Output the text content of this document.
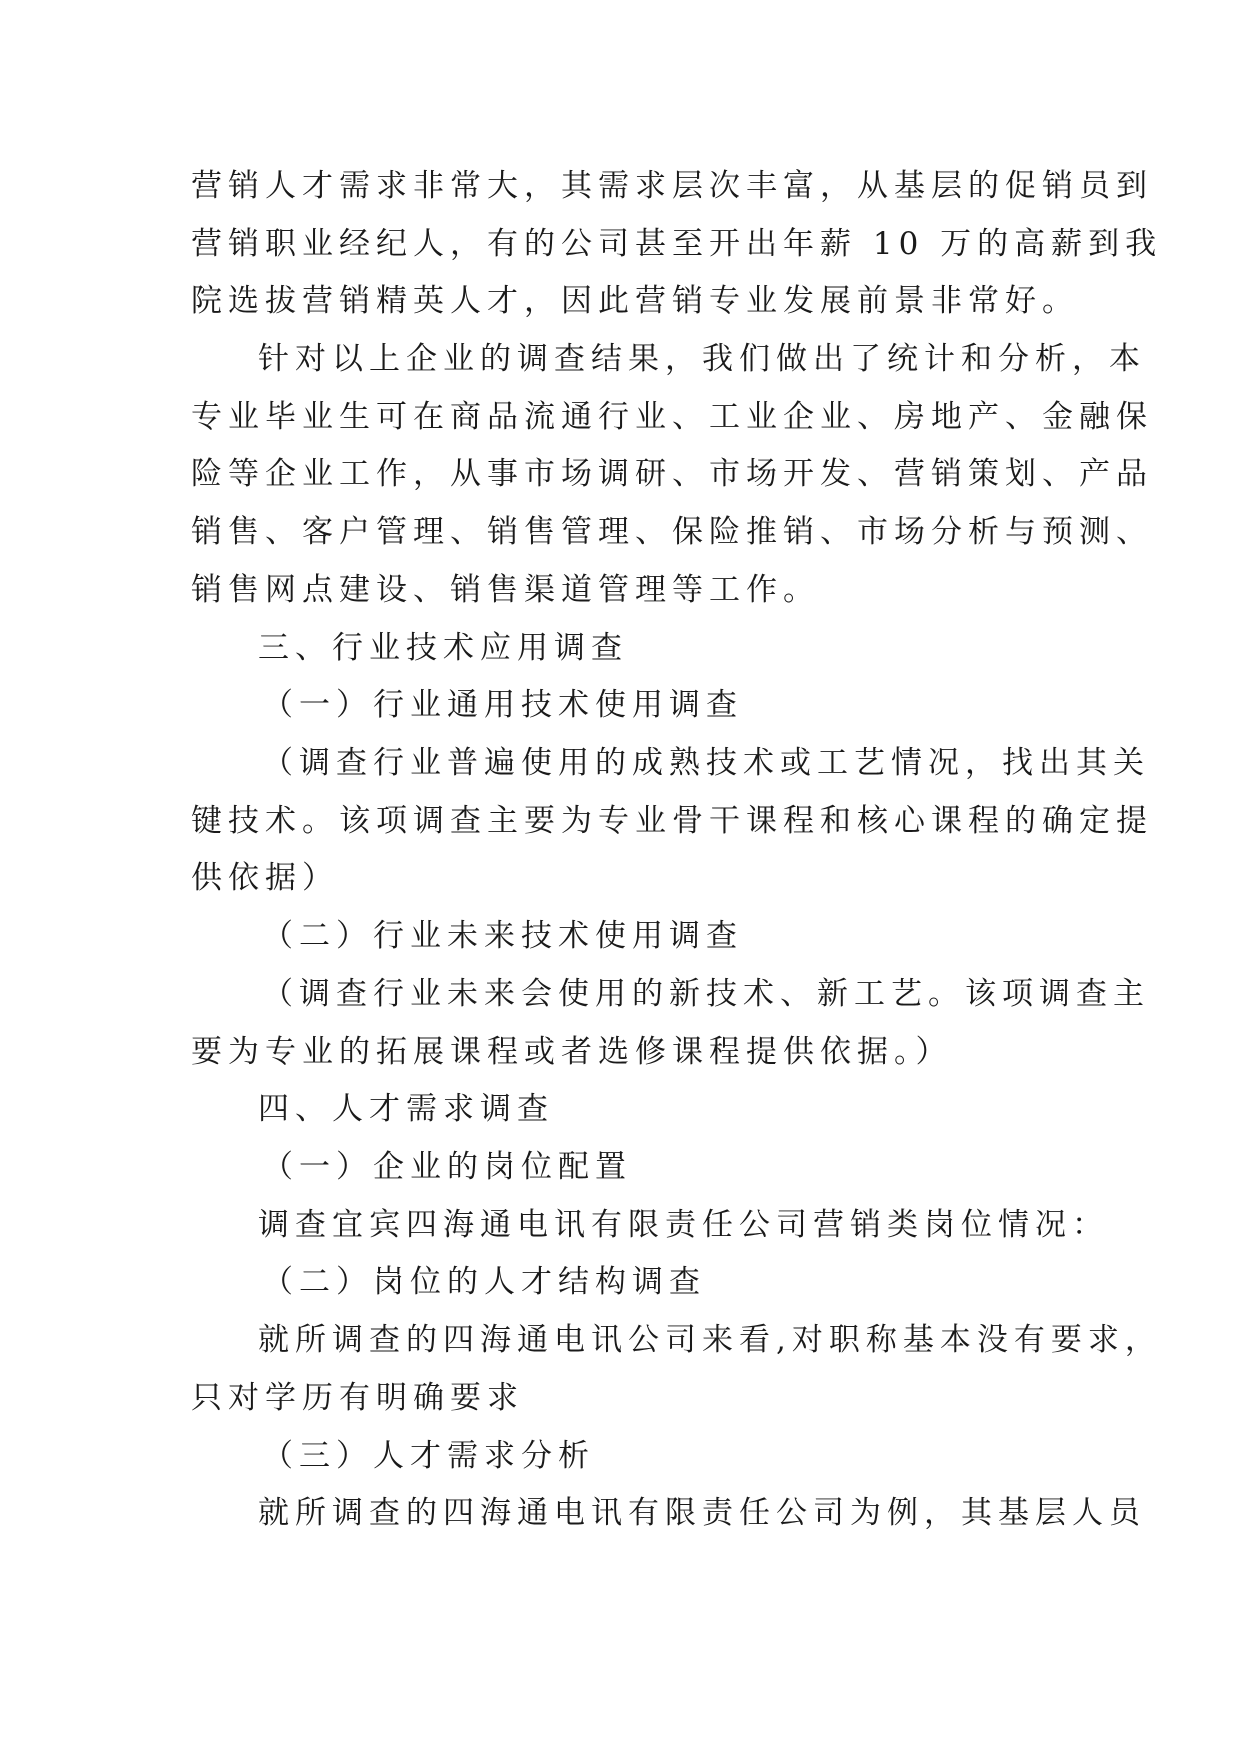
营销人才需求非常大，其需求层次丰富，从基层的促销员到
营销职业经纪人，有的公司甚至开出年薪 10 万的高薪到我
院选拔营销精英人才，因此营销专业发展前景非常好。
针对以上企业的调查结果，我们做出了统计和分析，本
专业毕业生可在商品流通行业、工业企业、房地产、金融保
险等企业工作，从事市场调研、市场开发、营销策划、产品
销售、客户管理、销售管理、保险推销、市场分析与预测、
销售网点建设、销售渠道管理等工作。
三、行业技术应用调查
（一）行业通用技术使用调查
（调查行业普遍使用的成熟技术或工艺情况，找出其关
键技术。该项调查主要为专业骨干课程和核心课程的确定提
供依据）
（二）行业未来技术使用调查
（调查行业未来会使用的新技术、新工艺。该项调查主
要为专业的拓展课程或者选修课程提供依据。）
四、人才需求调查
（一）企业的岗位配置
调查宜宾四海通电讯有限责任公司营销类岗位情况：
（二）岗位的人才结构调查
就所调查的四海通电讯公司来看,对职称基本没有要求，
只对学历有明确要求
（三）人才需求分析
就所调查的四海通电讯有限责任公司为例，其基层人员
